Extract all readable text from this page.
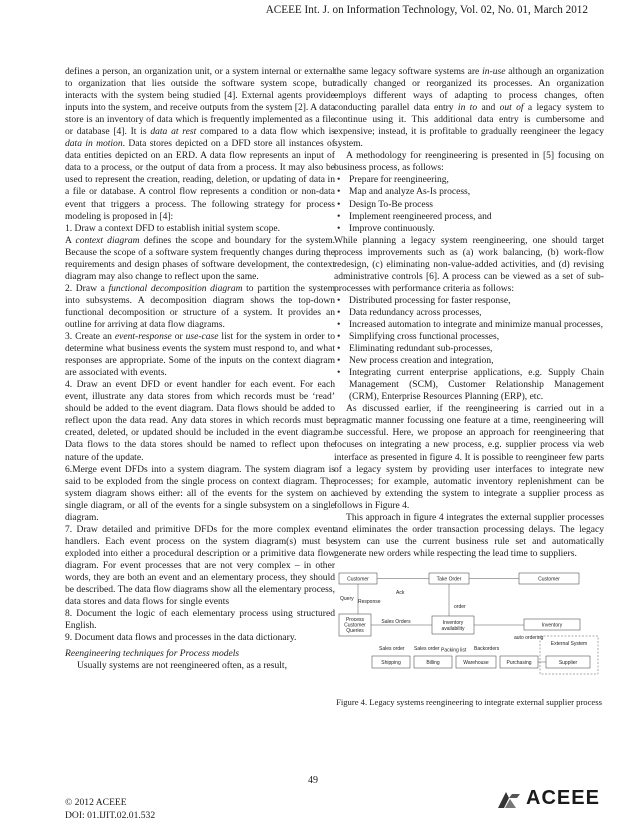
ACEEE Int. J. on Information Technology, Vol. 02, No. 01, March 2012

defines a person, an organization unit, or a system internal or external to organization that lies outside the software system scope, but interacts with the system being studied [4]. External agents provide inputs into the system, and receive outputs from the system [2]. A data store is an inventory of data which is frequently implemented as a file or database [4]. It is data at rest compared to a data flow which is data in motion. Data stores depicted on a DFD store all instances of data entities depicted on an ERD. A data flow represents an input of data to a process, or the output of data from a process. It may also be used to represent the creation, reading, deletion, or updating of data in a file or database. A control flow represents a condition or non-data event that triggers a process. The following strategy for process modeling is proposed in [4]:

1. Draw a context DFD to establish initial system scope.

A context diagram defines the scope and boundary for the system. Because the scope of a software system frequently changes during the requirements and design phases of software development, the context diagram may also change to reflect upon the same.

2. Draw a functional decomposition diagram to partition the system into subsystems. A decomposition diagram shows the top-down functional decomposition or structure of a system. It provides an outline for arriving at data flow diagrams.

3. Create an event-response or use-case list for the system in order to determine what business events the system must respond to, and what responses are appropriate. Some of the inputs on the context diagram are associated with events.

4. Draw an event DFD or event handler for each event. For each event, illustrate any data stores from which records must be ‘read’ should be added to the event diagram. Data flows should be added to reflect upon the data read. Any data stores in which records must be created, deleted, or updated should be included in the event diagram. Data flows to the data stores should be named to reflect upon the nature of the update.

6.Merge event DFDs into a system diagram. The system diagram is said to be exploded from the single process on context diagram. The system diagram shows either: all of the events for the system on a single diagram, or all of the events for a single subsystem on a single diagram.

7. Draw detailed and primitive DFDs for the more complex event handlers. Each event process on the system diagram(s) must be exploded into either a procedural description or a primitive data flow diagram. For event processes that are not very complex – in other words, they are both an event and an elementary process, they should be described. The data flow diagrams show all the elementary process, data stores and data flows for single events

8. Document the logic of each elementary process using structured English.

9. Document data flows and processes in the data dictionary.

Reengineering techniques for Process models

Usually systems are not reengineered often, as a result,

the same legacy software systems are in-use although an organization radically changed or reorganized its processes. An organization employs different ways of adapting to process changes, often conducting parallel data entry in to and out of a legacy system to continue using it. This additional data entry is cumbersome and expensive; instead, it is profitable to gradually reengineer the legacy system.

A methodology for reengineering is presented in [5] focusing on business process, as follows:

• Prepare for reengineering,
• Map and analyze As-Is process,
• Design To-Be process
• Implement reengineered process, and
• Improve continuously.

While planning a legacy system reengineering, one should target process improvements such as (a) work balancing, (b) work-flow redesign, (c) eliminating non-value-added activities, and (d) revising administrative controls [6]. A process can be viewed as a set of sub-processes with performance criteria as follows:

• Distributed processing for faster response,
• Data redundancy across processes,
• Increased automation to integrate and minimize manual processes,
• Simplifying cross functional processes,
• Eliminating redundant sub-processes,
• New process creation and integration,
• Integrating current enterprise applications, e.g. Supply Chain Management (SCM), Customer Relationship Management (CRM), Enterprise Resources Planning (ERP), etc.

As discussed earlier, if the reengineering is carried out in a pragmatic manner focussing one feature at a time, reengineering will be successful. Here, we propose an approach for reengineering that focuses on integrating a new process, e.g. supplier process via web interface as presented in figure 4. It is possible to reengineer few parts of a legacy system by providing user interfaces to integrate new processes; for example, automatic inventory replenishment can be achieved by extending the system to integrate a supplier process as follows in Figure 4.

This approach in figure 4 integrates the external supplier processes and eliminates the order transaction processing delays. The legacy system can use the current business rule set and automatically generate new orders while respecting the lead time to suppliers.

Customer	Take Order	Customer
Ack
Query Response
order
Process
Customer
Queries
Sales Orders	Inventory
availability
Inventory
auto ordering
External System
Sales order Sales order Packing list Backorders
Shipping	Billing	Warehouse	Purchasing	Supplier

Figure 4. Legacy systems reengineering to integrate external supplier process

49
© 2012 ACEEE
DOI: 01.IJIT.02.01.532
ACEEE
